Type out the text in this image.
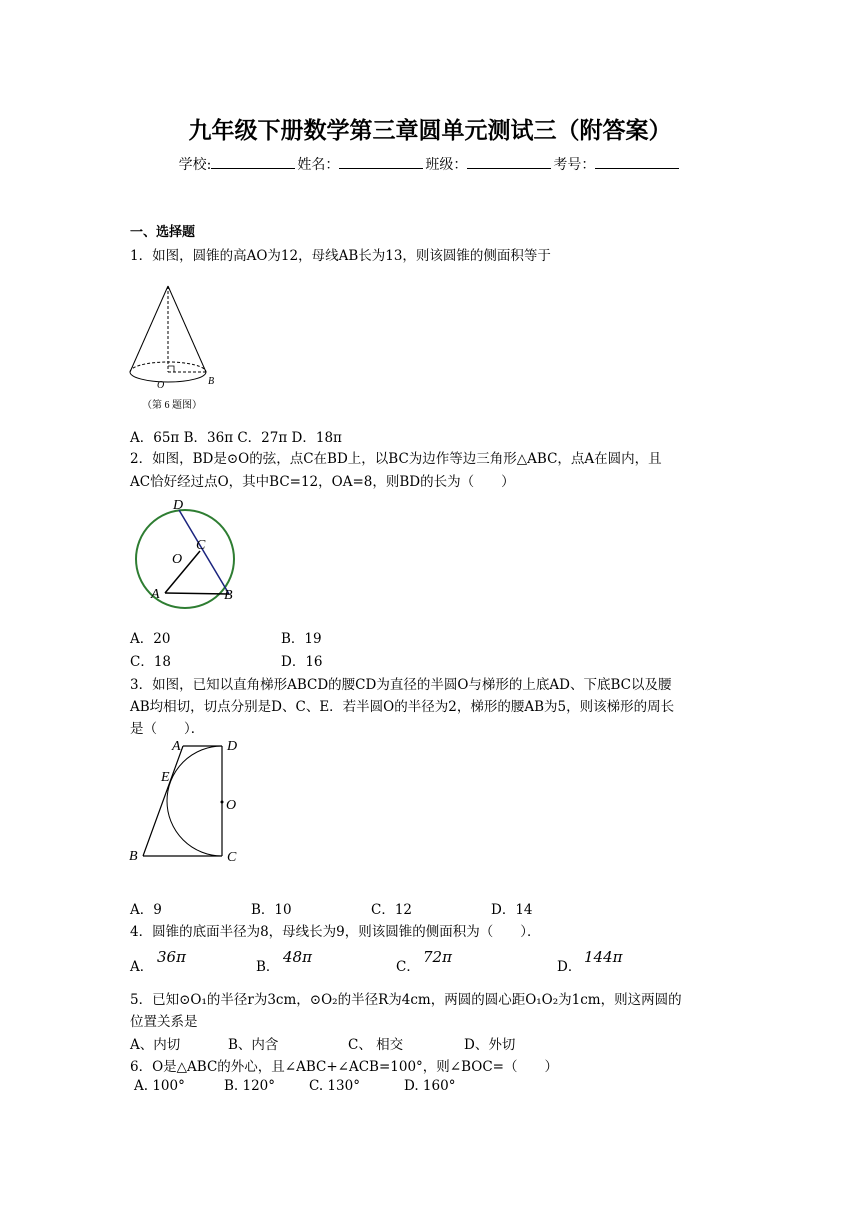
九年级下册数学第三章圆单元测试三（附答案）
学校:	姓名：	班级：	考号：
一、选择题
1．如图，圆锥的高AO为12，母线AB长为13，则该圆锥的侧面积等于
O	B
（第 6 题图）
A．65π B．36π C．27π D．18π
2．如图，BD是⊙O的弦，点C在BD上，以BC为边作等边三角形△ABC，点A在圆内，且
AC恰好经过点O，其中BC=12，OA=8，则BD的长为（　　）
D
C
O
A	B
A．20	B．19
C．18	D．16
3．如图，已知以直角梯形ABCD的腰CD为直径的半圆O与梯形的上底AD、下底BC以及腰
AB均相切，切点分别是D、C、E．若半圆O的半径为2，梯形的腰AB为5，则该梯形的周长
是（　　）．
A	D
E
O
B	C
A．9	B．10	C．12	D．14
4．圆锥的底面半径为8，母线长为9，则该圆锥的侧面积为（　　）．
A．
36π
B．
48π
C．
72π
D．
144π
5．已知⊙O₁的半径r为3cm，⊙O₂的半径R为4cm，两圆的圆心距O₁O₂为1cm，则这两圆的
位置关系是
A、内切	B、内含	C、 相交	D、外切
6．O是△ABC的外心，且∠ABC+∠ACB=100°，则∠BOC=（　　）
A. 100°	B. 120°	C. 130°	D. 160°
